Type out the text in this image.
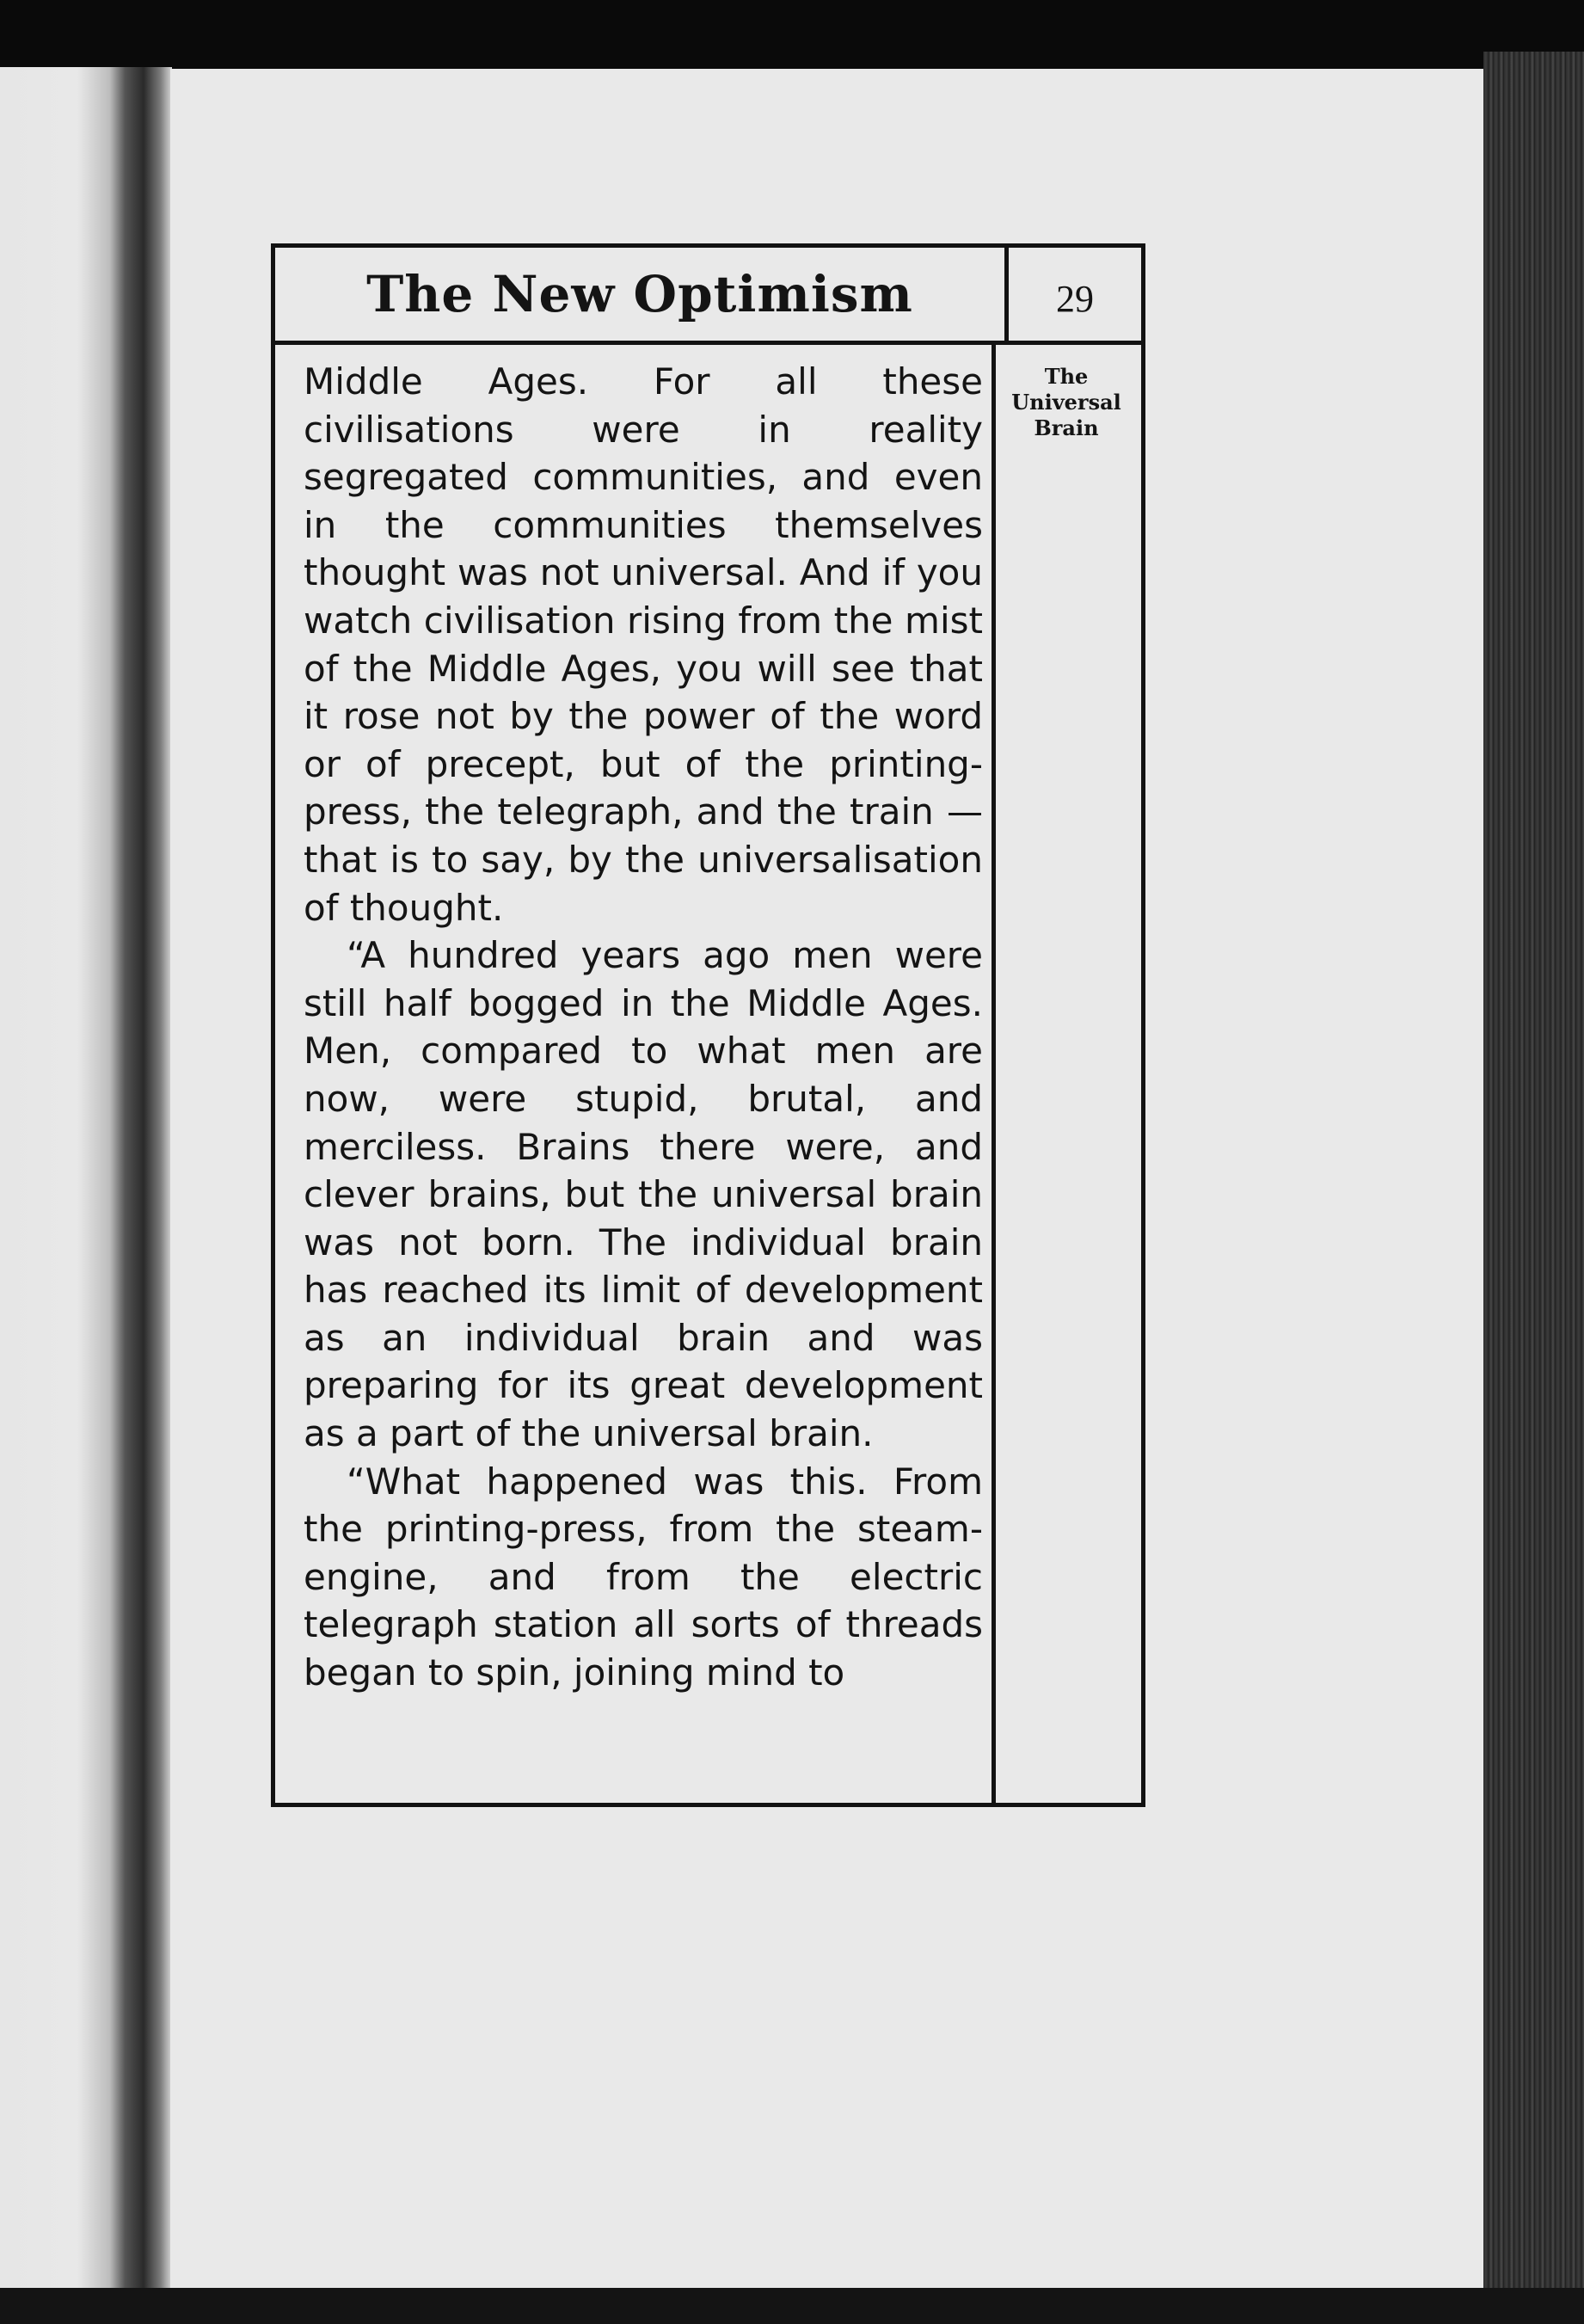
The New Optimism	29

Middle Ages. For all these civilisations were in reality segregated communities, and even in the communities themselves thought was not universal. And if you watch civilisation rising from the mist of the Middle Ages, you will see that it rose not by the power of the word or of precept, but of the printing-press, the telegraph, and the train —that is to say, by the universalisation of thought.

“A hundred years ago men were still half bogged in the Middle Ages. Men, compared to what men are now, were stupid, brutal, and merciless. Brains there were, and clever brains, but the universal brain was not born. The individual brain has reached its limit of development as an individual brain and was preparing for its great development as a part of the universal brain.

“What happened was this. From the printing-press, from the steam-engine, and from the electric telegraph station all sorts of threads began to spin, joining mind to

The
Universal
Brain
